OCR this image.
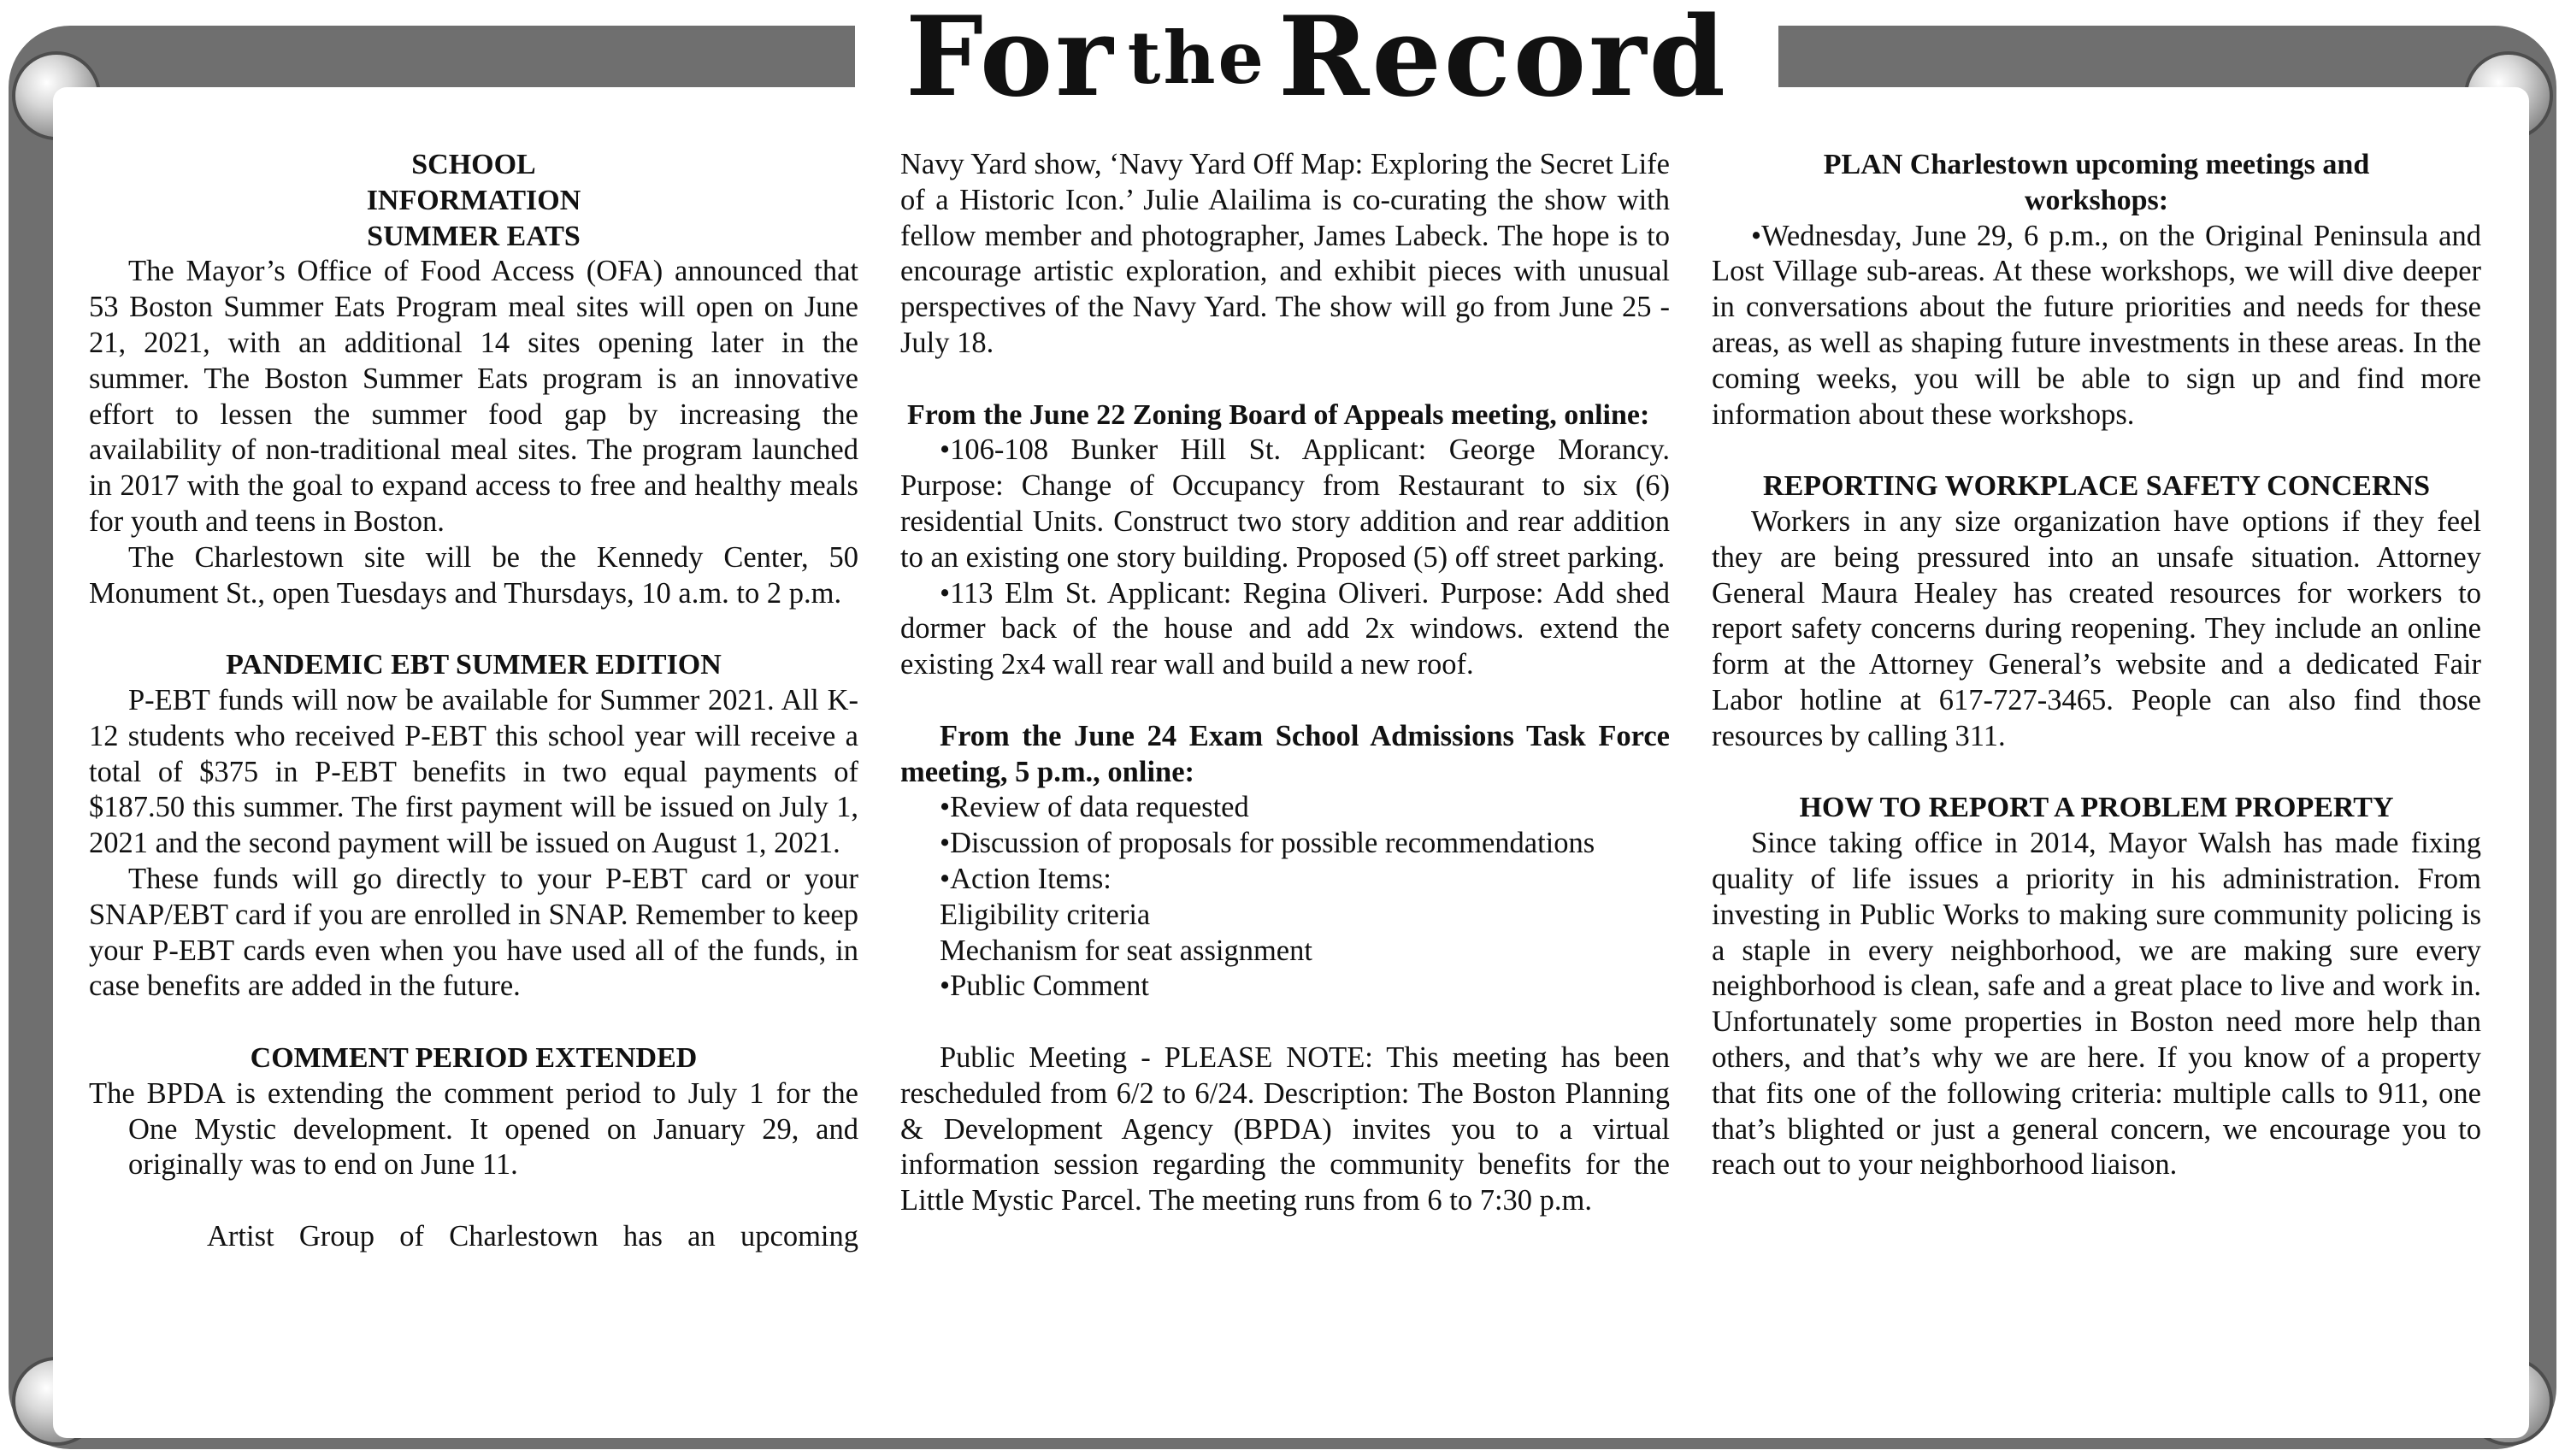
For the Record
SCHOOL
INFORMATION
SUMMER EATS

The Mayor’s Office of Food Access (OFA) announced that 53 Boston Summer Eats Program meal sites will open on June 21, 2021, with an additional 14 sites opening later in the summer. The Boston Summer Eats program is an innovative effort to lessen the summer food gap by increasing the availability of non-traditional meal sites. The program launched in 2017 with the goal to expand access to free and healthy meals for youth and teens in Boston.

The Charlestown site will be the Kennedy Center, 50 Monument St., open Tuesdays and Thursdays, 10 a.m. to 2 p.m.

PANDEMIC EBT SUMMER EDITION

P-EBT funds will now be available for Summer 2021. All K-12 students who received P-EBT this school year will receive a total of $375 in P-EBT benefits in two equal payments of $187.50 this summer. The first payment will be issued on July 1, 2021 and the second payment will be issued on August 1, 2021.

These funds will go directly to your P-EBT card or your SNAP/EBT card if you are enrolled in SNAP. Remember to keep your P-EBT cards even when you have used all of the funds, in case benefits are added in the future.

COMMENT PERIOD EXTENDED

The BPDA is extending the comment period to July 1 for the One Mystic development. It opened on January 29, and originally was to end on June 11.

Artist Group of Charlestown has an upcoming

Navy Yard show, ‘Navy Yard Off Map: Exploring the Secret Life of a Historic Icon.’ Julie Alailima is co-curating the show with fellow member and photographer, James Labeck. The hope is to encourage artistic exploration, and exhibit pieces with unusual perspectives of the Navy Yard. The show will go from June 25 - July 18.

From the June 22 Zoning Board of Appeals meeting, online:

•106-108 Bunker Hill St. Applicant: George Morancy. Purpose: Change of Occupancy from Restaurant to six (6) residential Units. Construct two story addition and rear addition to an existing one story building. Proposed (5) off street parking.

•113 Elm St. Applicant: Regina Oliveri. Purpose: Add shed dormer back of the house and add 2x windows. extend the existing 2x4 wall rear wall and build a new roof.

From the June 24 Exam School Admissions Task Force meeting, 5 p.m., online:

•Review of data requested

•Discussion of proposals for possible recommendations

•Action Items:

Eligibility criteria

Mechanism for seat assignment

•Public Comment

Public Meeting - PLEASE NOTE: This meeting has been rescheduled from 6/2 to 6/24. Description: The Boston Planning & Development Agency (BPDA) invites you to a virtual information session regarding the community benefits for the Little Mystic Parcel. The meeting runs from 6 to 7:30 p.m.

PLAN Charlestown upcoming meetings and workshops:

•Wednesday, June 29, 6 p.m., on the Original Peninsula and Lost Village sub-areas. At these workshops, we will dive deeper in conversations about the future priorities and needs for these areas, as well as shaping future investments in these areas. In the coming weeks, you will be able to sign up and find more information about these workshops.

REPORTING WORKPLACE SAFETY CONCERNS

Workers in any size organization have options if they feel they are being pressured into an unsafe situation. Attorney General Maura Healey has created resources for workers to report safety concerns during reopening. They include an online form at the Attorney General’s website and a dedicated Fair Labor hotline at 617-727-3465. People can also find those resources by calling 311.

HOW TO REPORT A PROBLEM PROPERTY

Since taking office in 2014, Mayor Walsh has made fixing quality of life issues a priority in his administration. From investing in Public Works to making sure community policing is a staple in every neighborhood, we are making sure every neighborhood is clean, safe and a great place to live and work in. Unfortunately some properties in Boston need more help than others, and that’s why we are here. If you know of a property that fits one of the following criteria: multiple calls to 911, one that’s blighted or just a general concern, we encourage you to reach out to your neighborhood liaison.
